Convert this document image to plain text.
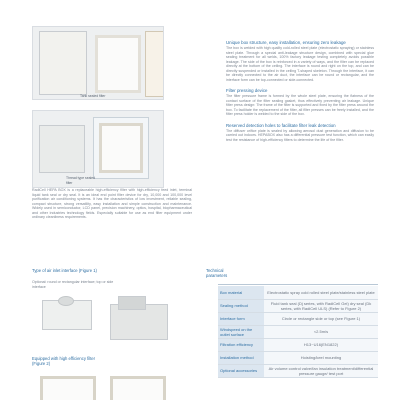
Tank sealed filter
Thread type sealed filter
RadiCell HEPA BOX is a replaceable high-efficiency filter with high-efficiency feed inlet, terminal liquid tank seal or dry seal. It is an ideal end point filter device for dry, 10,000 and 100,000 level purification air conditioning systems. It has the characteristics of low investment, reliable sealing, compact structure, strong versatility, easy installation and simple construction and maintenance. Widely used in semiconductor, LCD panel, precision machinery, optics, hospital, biopharmaceutical and other industries technology fields. Especially suitable for use as end filter equipment under ordinary cleanliness requirements.
Unique box structure, easy installation, ensuring zero leakage
The box is welded with high quality cold-rolled steel plate (electrostatic spraying) or stainless steel plate. Through a special anti-leakage structure design, combined with special glue sealing treatment for all welds, 100% factory leakage testing completely avoids possible leakage. The side of the box is reinforced in a variety of ways, and the filter can be replaced directly at the bottom of the ceiling. The interface is round and right on the top, and can be directly suspended or installed in the ceiling T-shaped skeleton. Through the interface, it can be directly connected to the air duct, the interface can be round or rectangular, and the interface form can be top-connected or side-connected.
Filter pressing device
The filter pressure frame is formed by the whole steel plate, ensuring the flatness of the contact surface of the filter sealing gasket, thus effectively preventing air leakage. Unique filter press design: The frame of the filter is supported and fixed by the filter press around the box. To facilitate the replacement of the filter, all filter presses can be freely installed, and the filter press holder is welded to the side of the box.
Reserved detection holes to facilitate filter leak detection
The diffuser orifice plate is sealed by allowing aerosol dust generation and diffusion to be carried out indoors. HEPABOX also has a differential pressure test function, which can easily test the resistance of high-efficiency filters to determine the life of the filter.
Type of air inlet interface (Figure 1)
Optional: round or rectangular interface; top or side interface
Equipped with high efficiency filter (Figure 2)
Technical parameters
Box material	Electrostatic spray cold rolled steel plate/stainless steel plate
Sealing method	Fluid tank seal (Dj series, with RadiCell Gel) dry seal (Dk series, with RadiCell ULS) (Refer to Figure 2)
Interface form	Circle or rectangle side or top (see Figure 1)
Windspeed on the outlet surface	<2.5m/s
Filtration efficiency	H13~U16(EN1822)
Installation method	Hoisting/keel mounting
Optional accessories	Air volume control valve/fan insulation treatment/differential pressure gauge/ test port
